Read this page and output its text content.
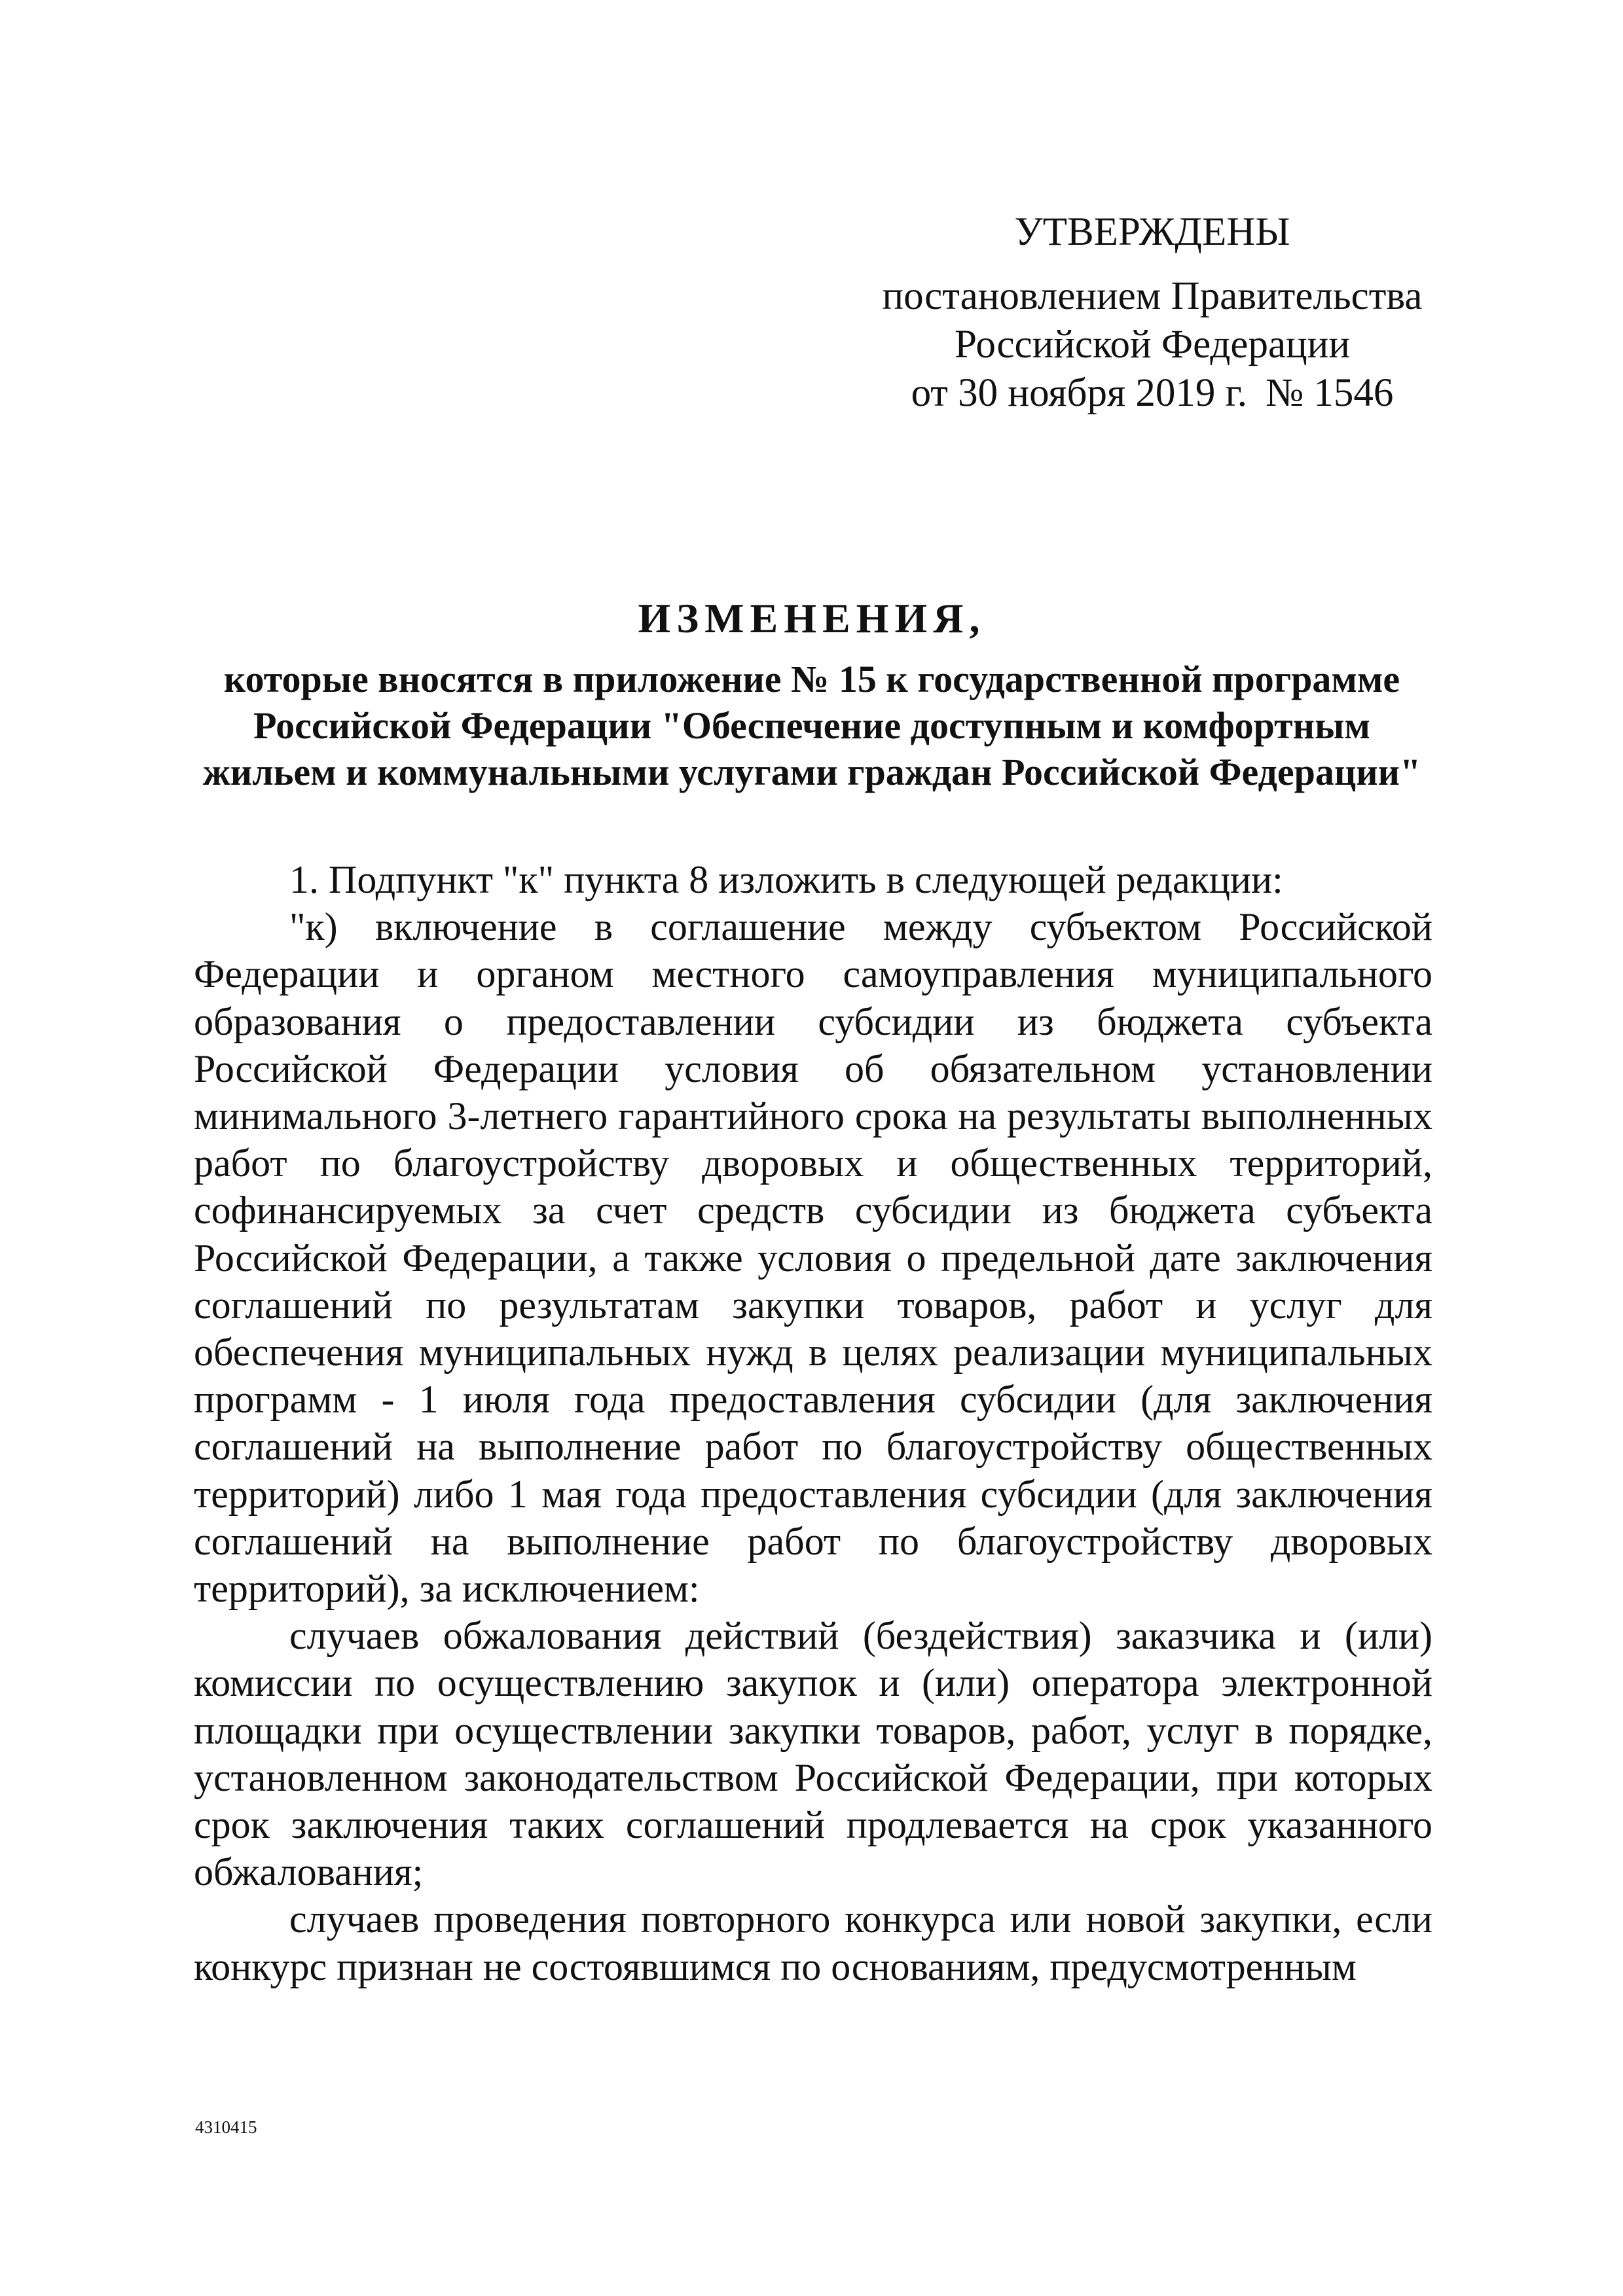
УТВЕРЖДЕНЫ
постановлением Правительства
Российской Федерации
от 30 ноября 2019 г. № 1546
ИЗМЕНЕНИЯ,
которые вносятся в приложение № 15 к государственной программе
Российской Федерации "Обеспечение доступным и комфортным
жильем и коммунальными услугами граждан Российской Федерации"

1. Подпункт "к" пункта 8 изложить в следующей редакции:

"к) включение в соглашение между субъектом Российской Федерации и органом местного самоуправления муниципального образования о предоставлении субсидии из бюджета субъекта Российской Федерации условия об обязательном установлении минимального 3-летнего гарантийного срока на результаты выполненных работ по благоустройству дворовых и общественных территорий, софинансируемых за счет средств субсидии из бюджета субъекта Российской Федерации, а также условия о предельной дате заключения соглашений по результатам закупки товаров, работ и услуг для обеспечения муниципальных нужд в целях реализации муниципальных программ - 1 июля года предоставления субсидии (для заключения соглашений на выполнение работ по благоустройству общественных территорий) либо 1 мая года предоставления субсидии (для заключения соглашений на выполнение работ по благоустройству дворовых территорий), за исключением:

случаев обжалования действий (бездействия) заказчика и (или) комиссии по осуществлению закупок и (или) оператора электронной площадки при осуществлении закупки товаров, работ, услуг в порядке, установленном законодательством Российской Федерации, при которых срок заключения таких соглашений продлевается на срок указанного обжалования;

случаев проведения повторного конкурса или новой закупки, если конкурс признан не состоявшимся по основаниям, предусмотренным

4310415
